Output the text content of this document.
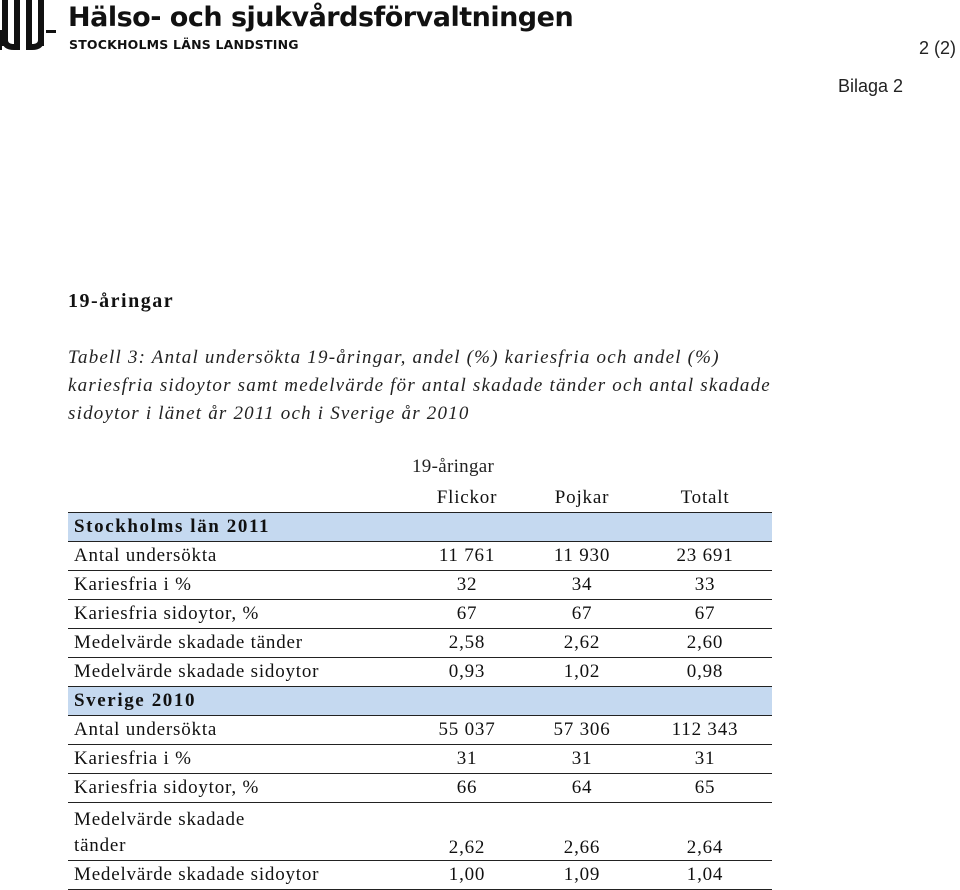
Hälso- och sjukvårdsförvaltningen
STOCKHOLMS LÄNS LANDSTING	2 (2)
Bilaga 2
19-åringar
Tabell 3: Antal undersökta 19-åringar, andel (%) kariesfria och andel (%) kariesfria sidoytor samt medelvärde för antal skadade tänder och antal skadade sidoytor i länet år 2011 och i Sverige år 2010
19-åringar
	Flickor	Pojkar	Totalt
Stockholms län 2011			
Antal undersökta	11 761	11 930	23 691
Kariesfria i %	32	34	33
Kariesfria sidoytor, %	67	67	67
Medelvärde skadade tänder	2,58	2,62	2,60
Medelvärde skadade sidoytor	0,93	1,02	0,98
Sverige 2010			
Antal undersökta	55 037	57 306	112 343
Kariesfria i %	31	31	31
Kariesfria sidoytor, %	66	64	65
Medelvärde skadade
tänder	2,62	2,66	2,64
Medelvärde skadade sidoytor	1,00	1,09	1,04
